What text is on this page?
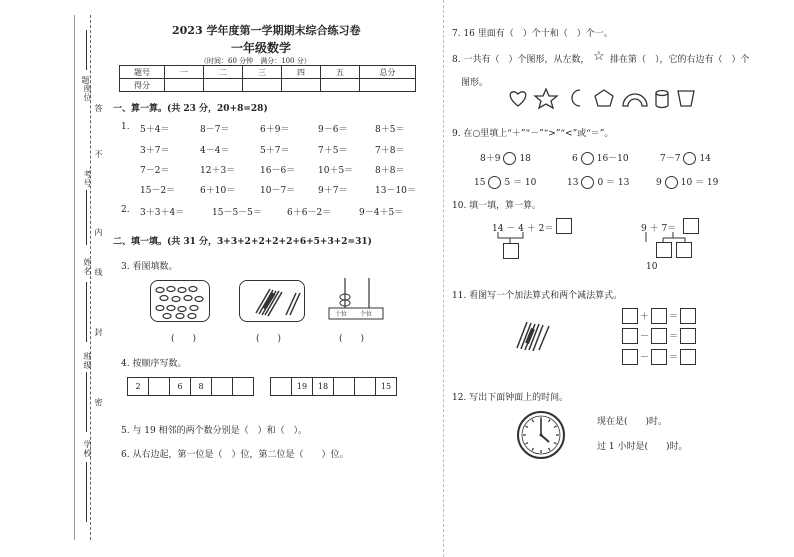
题
答
不
内
线
封
密
考号
姓名
班级
学校
座位
2023 学年度第一学期期末综合练习卷
一年级数学
（时间：60 分钟　满分：100 分）
题号	一	二	三	四	五	总分
得分						
一、算一算。(共 23 分，20+8=28)
1. 5＋4＝	8－7＝	6＋9＝	9－6＝	8＋5＝
3＋7＝	4－4＝	5＋7＝	7＋5＝	7＋8＝
7－2＝	12＋3＝	16－6＝	10＋5＝ 8＋8＝
15－2＝	6＋10＝	10－7＝	9＋7＝	13－10＝
2. 3＋3＋4＝	15－5－5＝	6＋6－2＝	9－4＋5＝
二、填一填。(共 31 分，3+3+2+2+2+2+6+5+3+2=31)
3. 看图填数。
十位 个位
(　　)	(　　)	(　　)
4. 按顺序写数。
2	6	8	19	18	15
5. 与 19 相邻的两个数分别是（　）和（　）。
6. 从右边起，第一位是（　）位，第二位是（　　）位。
7. 16 里面有（　）个十和（　）个一。
8. 一共有（　）个图形，从左数， ☆ 排在第（　），它的右边有（　）个
图形。
9. 在○里填上“＋”“－”“>”“<”或“＝”。
8＋9 18	6 16－10	7－7 14
15 5 ＝ 10	13 0 ＝ 13	9 10 ＝ 19
10. 填一填，算一算。
14 － 4 ＋ 2＝	9 ＋ 7＝
10
11. 看图写一个加法算式和两个减法算式。
＋ ＝
－ ＝
－ ＝
12. 写出下面钟面上的时间。
现在是(　　)时。
过 1 小时是(　　)时。
